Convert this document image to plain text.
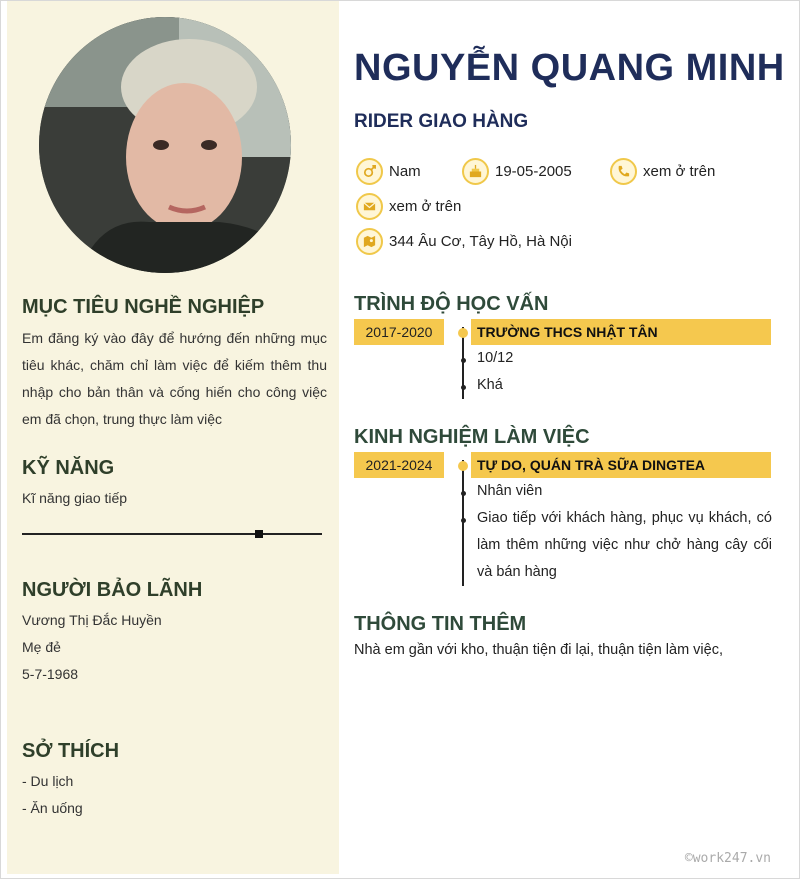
MỤC TIÊU NGHỀ NGHIỆP
Em đăng ký vào đây để hướng đến những mục tiêu khác, chăm chỉ làm việc để kiếm thêm thu nhập cho bản thân và cống hiến cho công việc em đã chọn, trung thực làm việc
KỸ NĂNG
Kĩ năng giao tiếp
NGƯỜI BẢO LÃNH
Vương Thị Đắc Huyền
Mẹ đẻ
5-7-1968
SỞ THÍCH
- Du lịch
- Ăn uống
NGUYỄN QUANG MINH
RIDER GIAO HÀNG
Nam	19-05-2005	xem ở trên
xem ở trên
344 Âu Cơ, Tây Hồ, Hà Nội
TRÌNH ĐỘ HỌC VẤN
2017-2020	TRƯỜNG THCS NHẬT TÂN
10/12
Khá
KINH NGHIỆM LÀM VIỆC
2021-2024	TỰ DO, QUÁN TRÀ SỮA DINGTEA
Nhân viên
Giao tiếp với khách hàng, phục vụ khách, có làm thêm những việc như chở hàng cây cối và bán hàng
THÔNG TIN THÊM
Nhà em gần với kho, thuận tiện đi lại, thuận tiện làm việc,
©work247.vn
